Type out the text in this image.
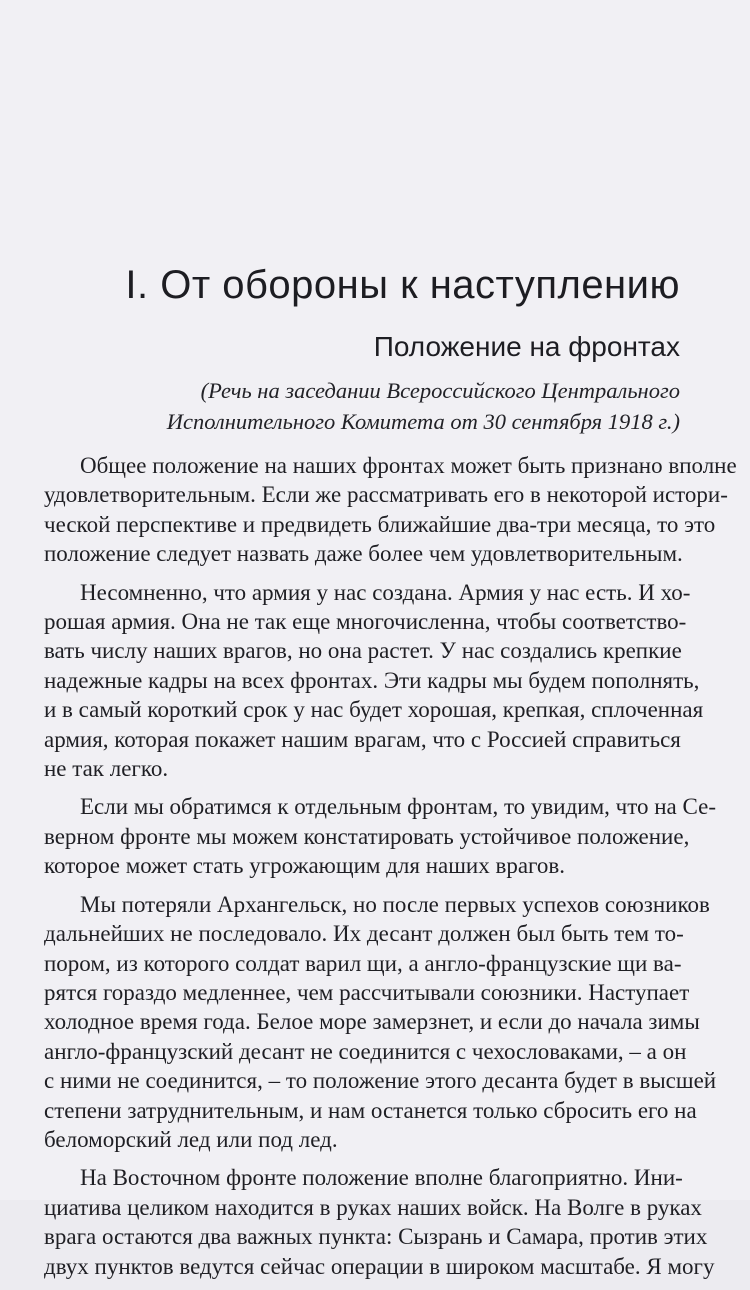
I. От обороны к наступлению
Положение на фронтах
(Речь на заседании Всероссийского Центрального
Исполнительного Комитета от 30 сентября 1918 г.)
Общее положение на наших фронтах может быть признано вполне
удовлетворительным. Если же рассматривать его в некоторой истори-
ческой перспективе и предвидеть ближайшие два-три месяца, то это
положение следует назвать даже более чем удовлетворительным.
Несомненно, что армия у нас создана. Армия у нас есть. И хо-
рошая армия. Она не так еще многочисленна, чтобы соответство-
вать числу наших врагов, но она растет. У нас создались крепкие
надежные кадры на всех фронтах. Эти кадры мы будем пополнять,
и в самый короткий срок у нас будет хорошая, крепкая, сплоченная
армия, которая покажет нашим врагам, что с Россией справиться
не так легко.
Если мы обратимся к отдельным фронтам, то увидим, что на Се-
верном фронте мы можем констатировать устойчивое положение,
которое может стать угрожающим для наших врагов.
Мы потеряли Архангельск, но после первых успехов союзников
дальнейших не последовало. Их десант должен был быть тем то-
пором, из которого солдат варил щи, а англо-французские щи ва-
рятся гораздо медленнее, чем рассчитывали союзники. Наступает
холодное время года. Белое море замерзнет, и если до начала зимы
англо-французский десант не соединится с чехословаками, – а он
с ними не соединится, – то положение этого десанта будет в высшей
степени затруднительным, и нам останется только сбросить его на
беломорский лед или под лед.
На Восточном фронте положение вполне благоприятно. Ини-
циатива целиком находится в руках наших войск. На Волге в руках
врага остаются два важных пункта: Сызрань и Самара, против этих
двух пунктов ведутся сейчас операции в широком масштабе. Я могу
